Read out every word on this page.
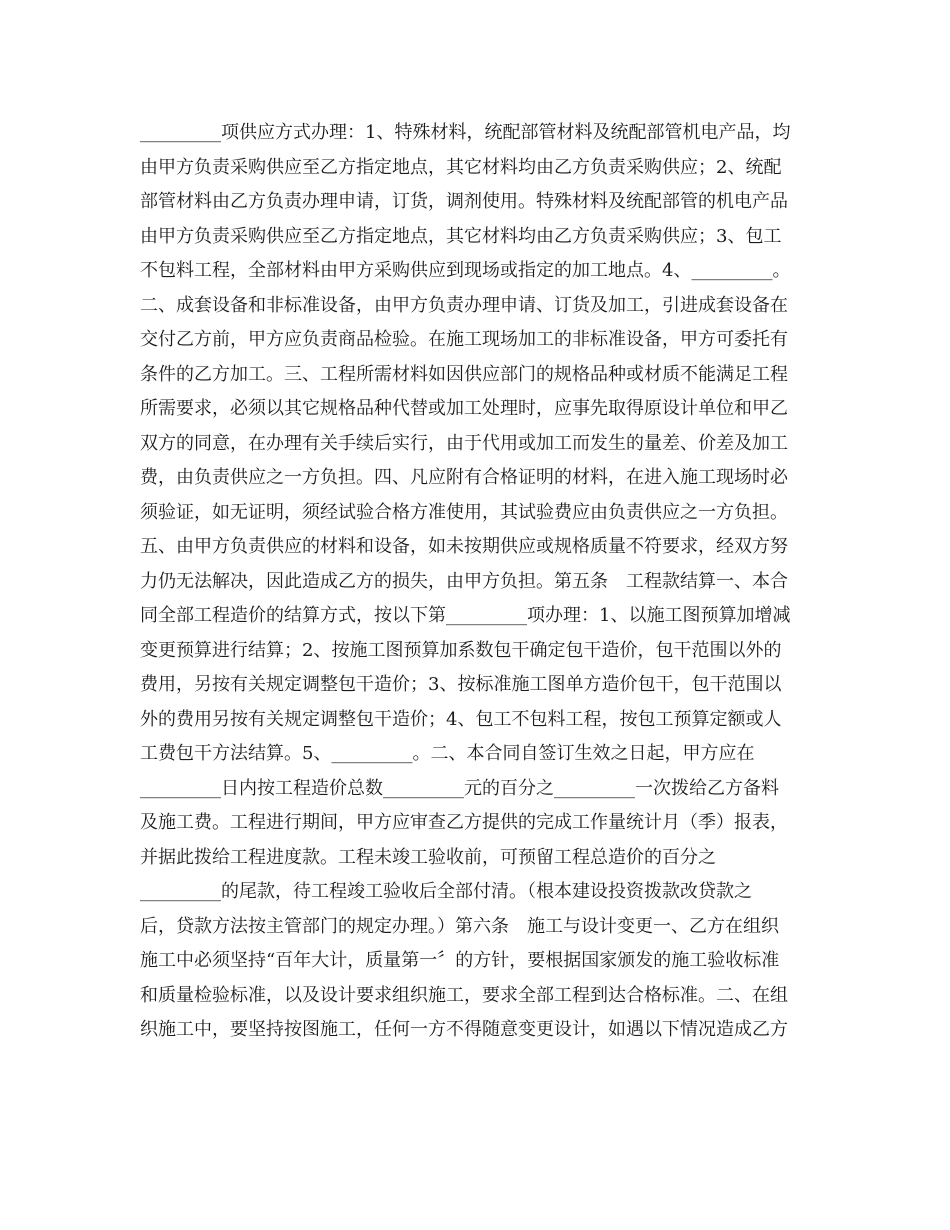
_________项供应方式办理：1、特殊材料，统配部管材料及统配部管机电产品，均
由甲方负责采购供应至乙方指定地点，其它材料均由乙方负责采购供应；2、统配
部管材料由乙方负责办理申请，订货，调剂使用。特殊材料及统配部管的机电产品
由甲方负责采购供应至乙方指定地点，其它材料均由乙方负责采购供应；3、包工
不包料工程，全部材料由甲方采购供应到现场或指定的加工地点。4、_________。
二、成套设备和非标准设备，由甲方负责办理申请、订货及加工，引进成套设备在
交付乙方前，甲方应负责商品检验。在施工现场加工的非标准设备，甲方可委托有
条件的乙方加工。三、工程所需材料如因供应部门的规格品种或材质不能满足工程
所需要求，必须以其它规格品种代替或加工处理时，应事先取得原设计单位和甲乙
双方的同意，在办理有关手续后实行，由于代用或加工而发生的量差、价差及加工
费，由负责供应之一方负担。四、凡应附有合格证明的材料，在进入施工现场时必
须验证，如无证明，须经试验合格方准使用，其试验费应由负责供应之一方负担。
五、由甲方负责供应的材料和设备，如未按期供应或规格质量不符要求，经双方努
力仍无法解决，因此造成乙方的损失，由甲方负担。第五条　工程款结算一、本合
同全部工程造价的结算方式，按以下第_________项办理：1、以施工图预算加增减
变更预算进行结算；2、按施工图预算加系数包干确定包干造价，包干范围以外的
费用，另按有关规定调整包干造价；3、按标准施工图单方造价包干，包干范围以
外的费用另按有关规定调整包干造价；4、包工不包料工程，按包工预算定额或人
工费包干方法结算。5、_________。二、本合同自签订生效之日起，甲方应在
_________日内按工程造价总数_________元的百分之_________一次拨给乙方备料
及施工费。工程进行期间，甲方应审查乙方提供的完成工作量统计月（季）报表，
并据此拨给工程进度款。工程未竣工验收前，可预留工程总造价的百分之
_________的尾款，待工程竣工验收后全部付清。（根本建设投资拨款改贷款之
后，贷款方法按主管部门的规定办理。）第六条　施工与设计变更一、乙方在组织
施工中必须坚持“百年大计，质量第一〞的方针，要根据国家颁发的施工验收标准
和质量检验标准，以及设计要求组织施工，要求全部工程到达合格标准。二、在组
织施工中，要坚持按图施工，任何一方不得随意变更设计，如遇以下情况造成乙方
